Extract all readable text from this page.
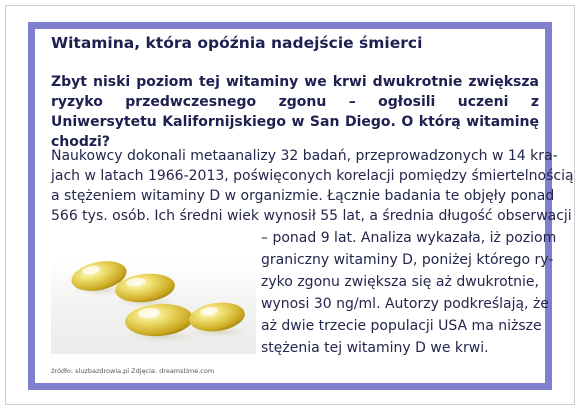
Witamina, która opóźnia nadejście śmierci

Zbyt niski poziom tej witaminy we krwi dwukrotnie zwiększa ryzyko przedwczesnego zgonu – ogłosili uczeni z Uniwersytetu Kalifornijskiego w San Diego. O którą witaminę chodzi?

Naukowcy dokonali metaanalizy 32 badań, przeprowadzonych w 14 kra-

jach w latach 1966-2013, poświęconych korelacji pomiędzy śmiertelnością

a stężeniem witaminy D w organizmie. Łącznie badania te objęły ponad

566 tys. osób. Ich średni wiek wynosił 55 lat, a średnia długość obserwacji

– ponad 9 lat. Analiza wykazała, iż poziom

graniczny witaminy D, poniżej którego ry-

zyko zgonu zwiększa się aż dwukrotnie,

wynosi 30 ng/ml. Autorzy podkreślają, że

aż dwie trzecie populacji USA ma niższe

stężenia tej witaminy D we krwi.

źródło: sluzbazdrowia.pl Zdjęcia: dreamstime.com
